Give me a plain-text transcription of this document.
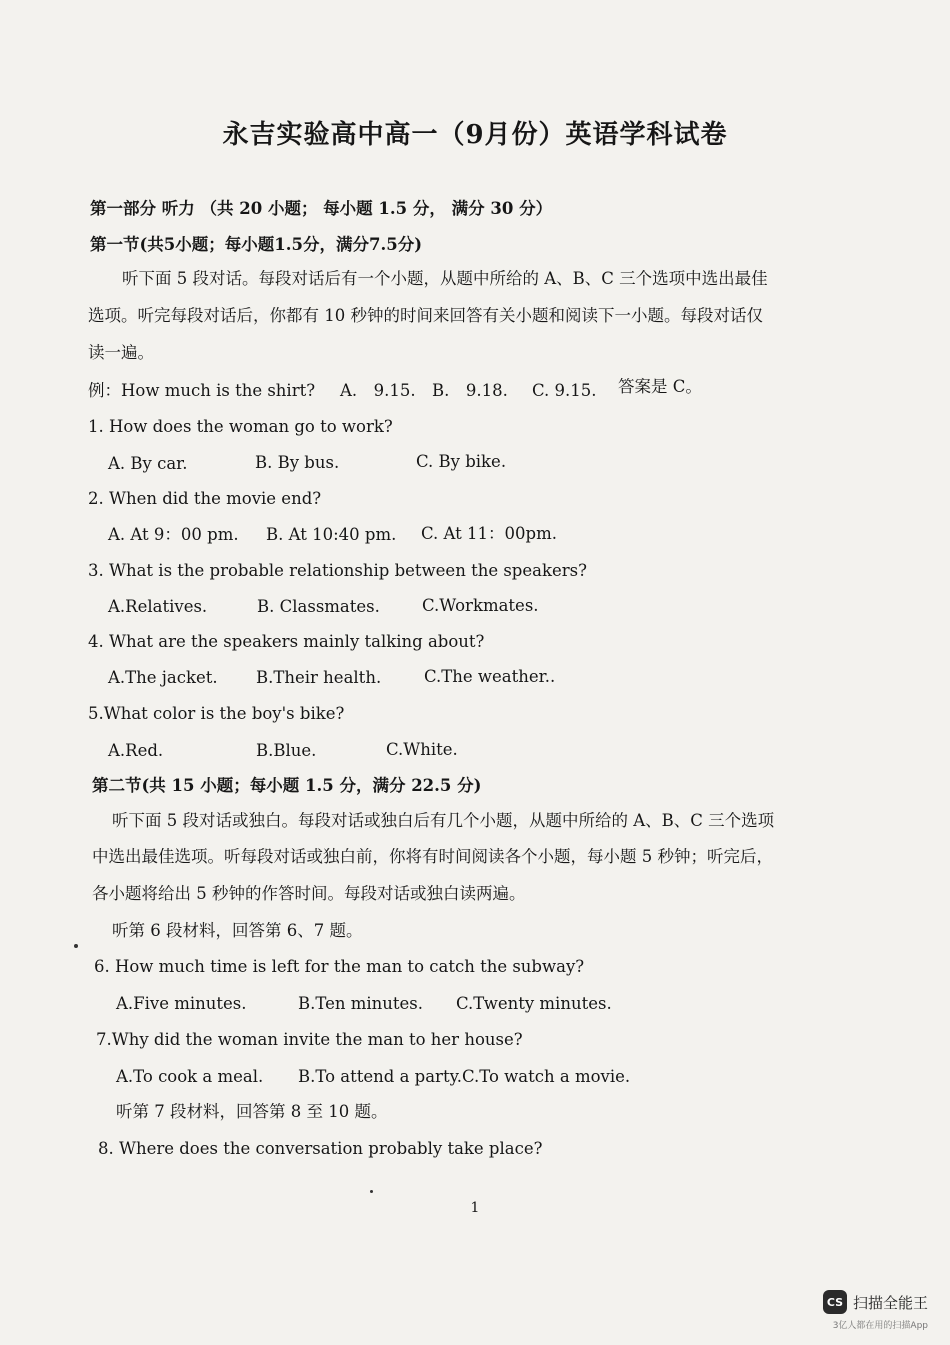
永吉实验高中高一（9月份）英语学科试卷
第一部分 听力 （共 20 小题； 每小题 1.5 分， 满分 30 分）
第一节(共5小题；每小题1.5分，满分7.5分)
听下面 5 段对话。每段对话后有一个小题，从题中所给的 A、B、C 三个选项中选出最佳
选项。听完每段对话后，你都有 10 秒钟的时间来回答有关小题和阅读下一小题。每段对话仅
读一遍。
例：How much is the shirt? A.　9.15. B.　9.18. C. 9.15. 答案是 C。
1. How does the woman go to work?
A. By car.	B. By bus.	C. By bike.
2. When did the movie end?
A. At 9：00 pm. B. At 10:40 pm. C. At 11：00pm.
3. What is the probable relationship between the speakers?
A.Relatives.	B. Classmates.	C.Workmates.
4. What are the speakers mainly talking about?
A.The jacket. B.Their health.	C.The weather..
5.What color is the boy's bike?
A.Red.	B.Blue.	C.White.
第二节(共 15 小题；每小题 1.5 分，满分 22.5 分)
听下面 5 段对话或独白。每段对话或独白后有几个小题，从题中所给的 A、B、C 三个选项
中选出最佳选项。听每段对话或独白前，你将有时间阅读各个小题，每小题 5 秒钟；听完后，
各小题将给出 5 秒钟的作答时间。每段对话或独白读两遍。
听第 6 段材料，回答第 6、7 题。
6. How much time is left for the man to catch the subway?
A.Five minutes.	B.Ten minutes. C.Twenty minutes.
7.Why did the woman invite the man to her house?
A.To cook a meal. B.To attend a party. C.To watch a movie.
听第 7 段材料，回答第 8 至 10 题。
8. Where does the conversation probably take place?
1
CS 扫描全能王
3亿人都在用的扫描App
